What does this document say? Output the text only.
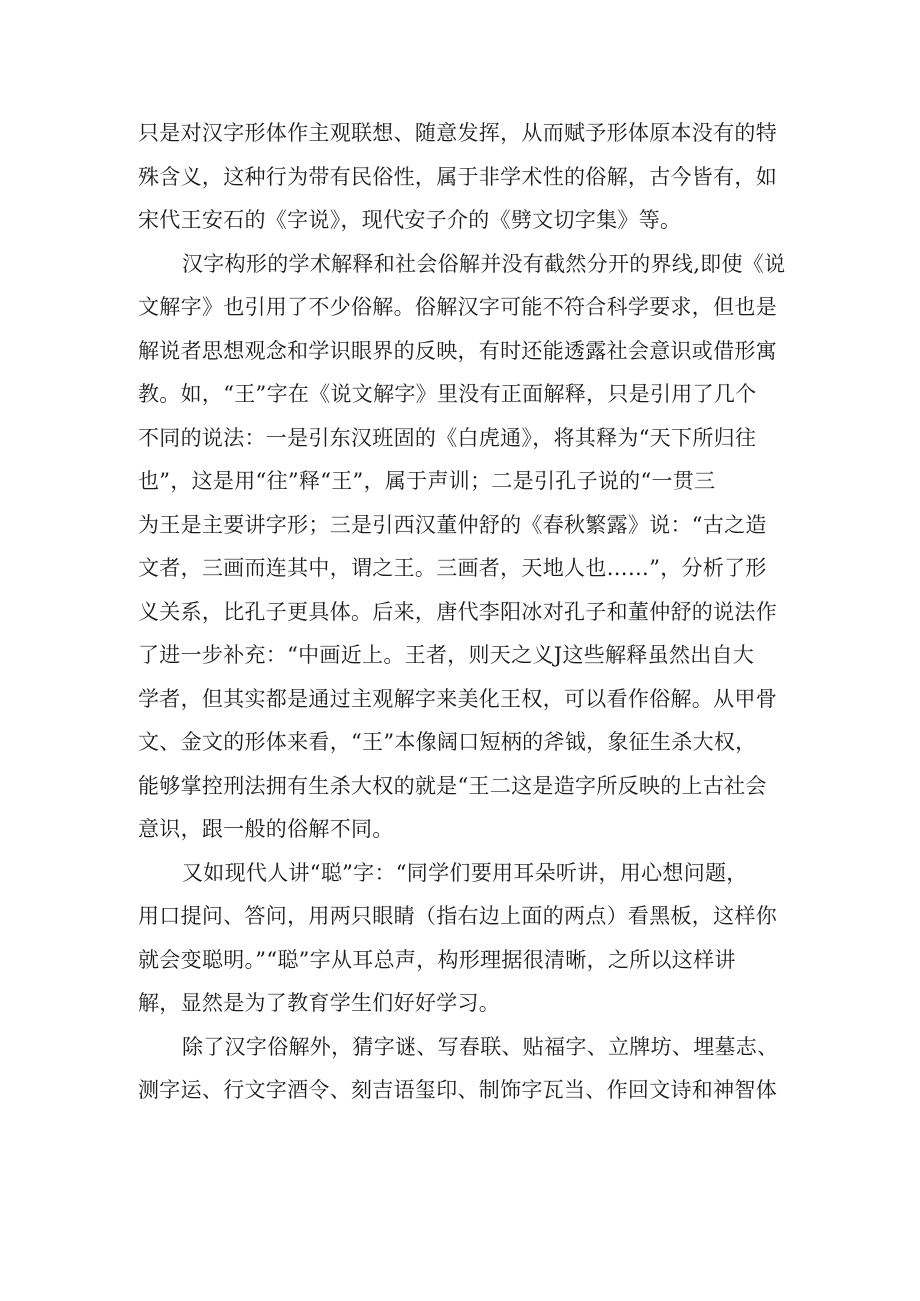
只是对汉字形体作主观联想、随意发挥，从而赋予形体原本没有的特
殊含义，这种行为带有民俗性，属于非学术性的俗解，古今皆有，如
宋代王安石的《字说》，现代安子介的《劈文切字集》等。
汉字构形的学术解释和社会俗解并没有截然分开的界线,即使《说
文解字》也引用了不少俗解。俗解汉字可能不符合科学要求，但也是
解说者思想观念和学识眼界的反映，有时还能透露社会意识或借形寓
教。如，“王”字在《说文解字》里没有正面解释，只是引用了几个
不同的说法：一是引东汉班固的《白虎通》，将其释为“天下所归往
也”，这是用“往”释“王”，属于声训；二是引孔子说的“一贯三
为王是主要讲字形；三是引西汉董仲舒的《春秋繁露》说：“古之造
文者，三画而连其中，谓之王。三画者，天地人也……”，分析了形
义关系，比孔子更具体。后来，唐代李阳冰对孔子和董仲舒的说法作
了进一步补充：“中画近上。王者，则天之义J这些解释虽然出自大
学者，但其实都是通过主观解字来美化王权，可以看作俗解。从甲骨
文、金文的形体来看，“王”本像阔口短柄的斧钺，象征生杀大权，
能够掌控刑法拥有生杀大权的就是“王二这是造字所反映的上古社会
意识，跟一般的俗解不同。
又如现代人讲“聪”字：“同学们要用耳朵听讲，用心想问题，
用口提问、答问，用两只眼睛（指右边上面的两点）看黑板，这样你
就会变聪明。”“聪”字从耳总声，构形理据很清晰，之所以这样讲
解，显然是为了教育学生们好好学习。
除了汉字俗解外，猜字谜、写春联、贴福字、立牌坊、埋墓志、
测字运、行文字酒令、刻吉语玺印、制饰字瓦当、作回文诗和神智体
